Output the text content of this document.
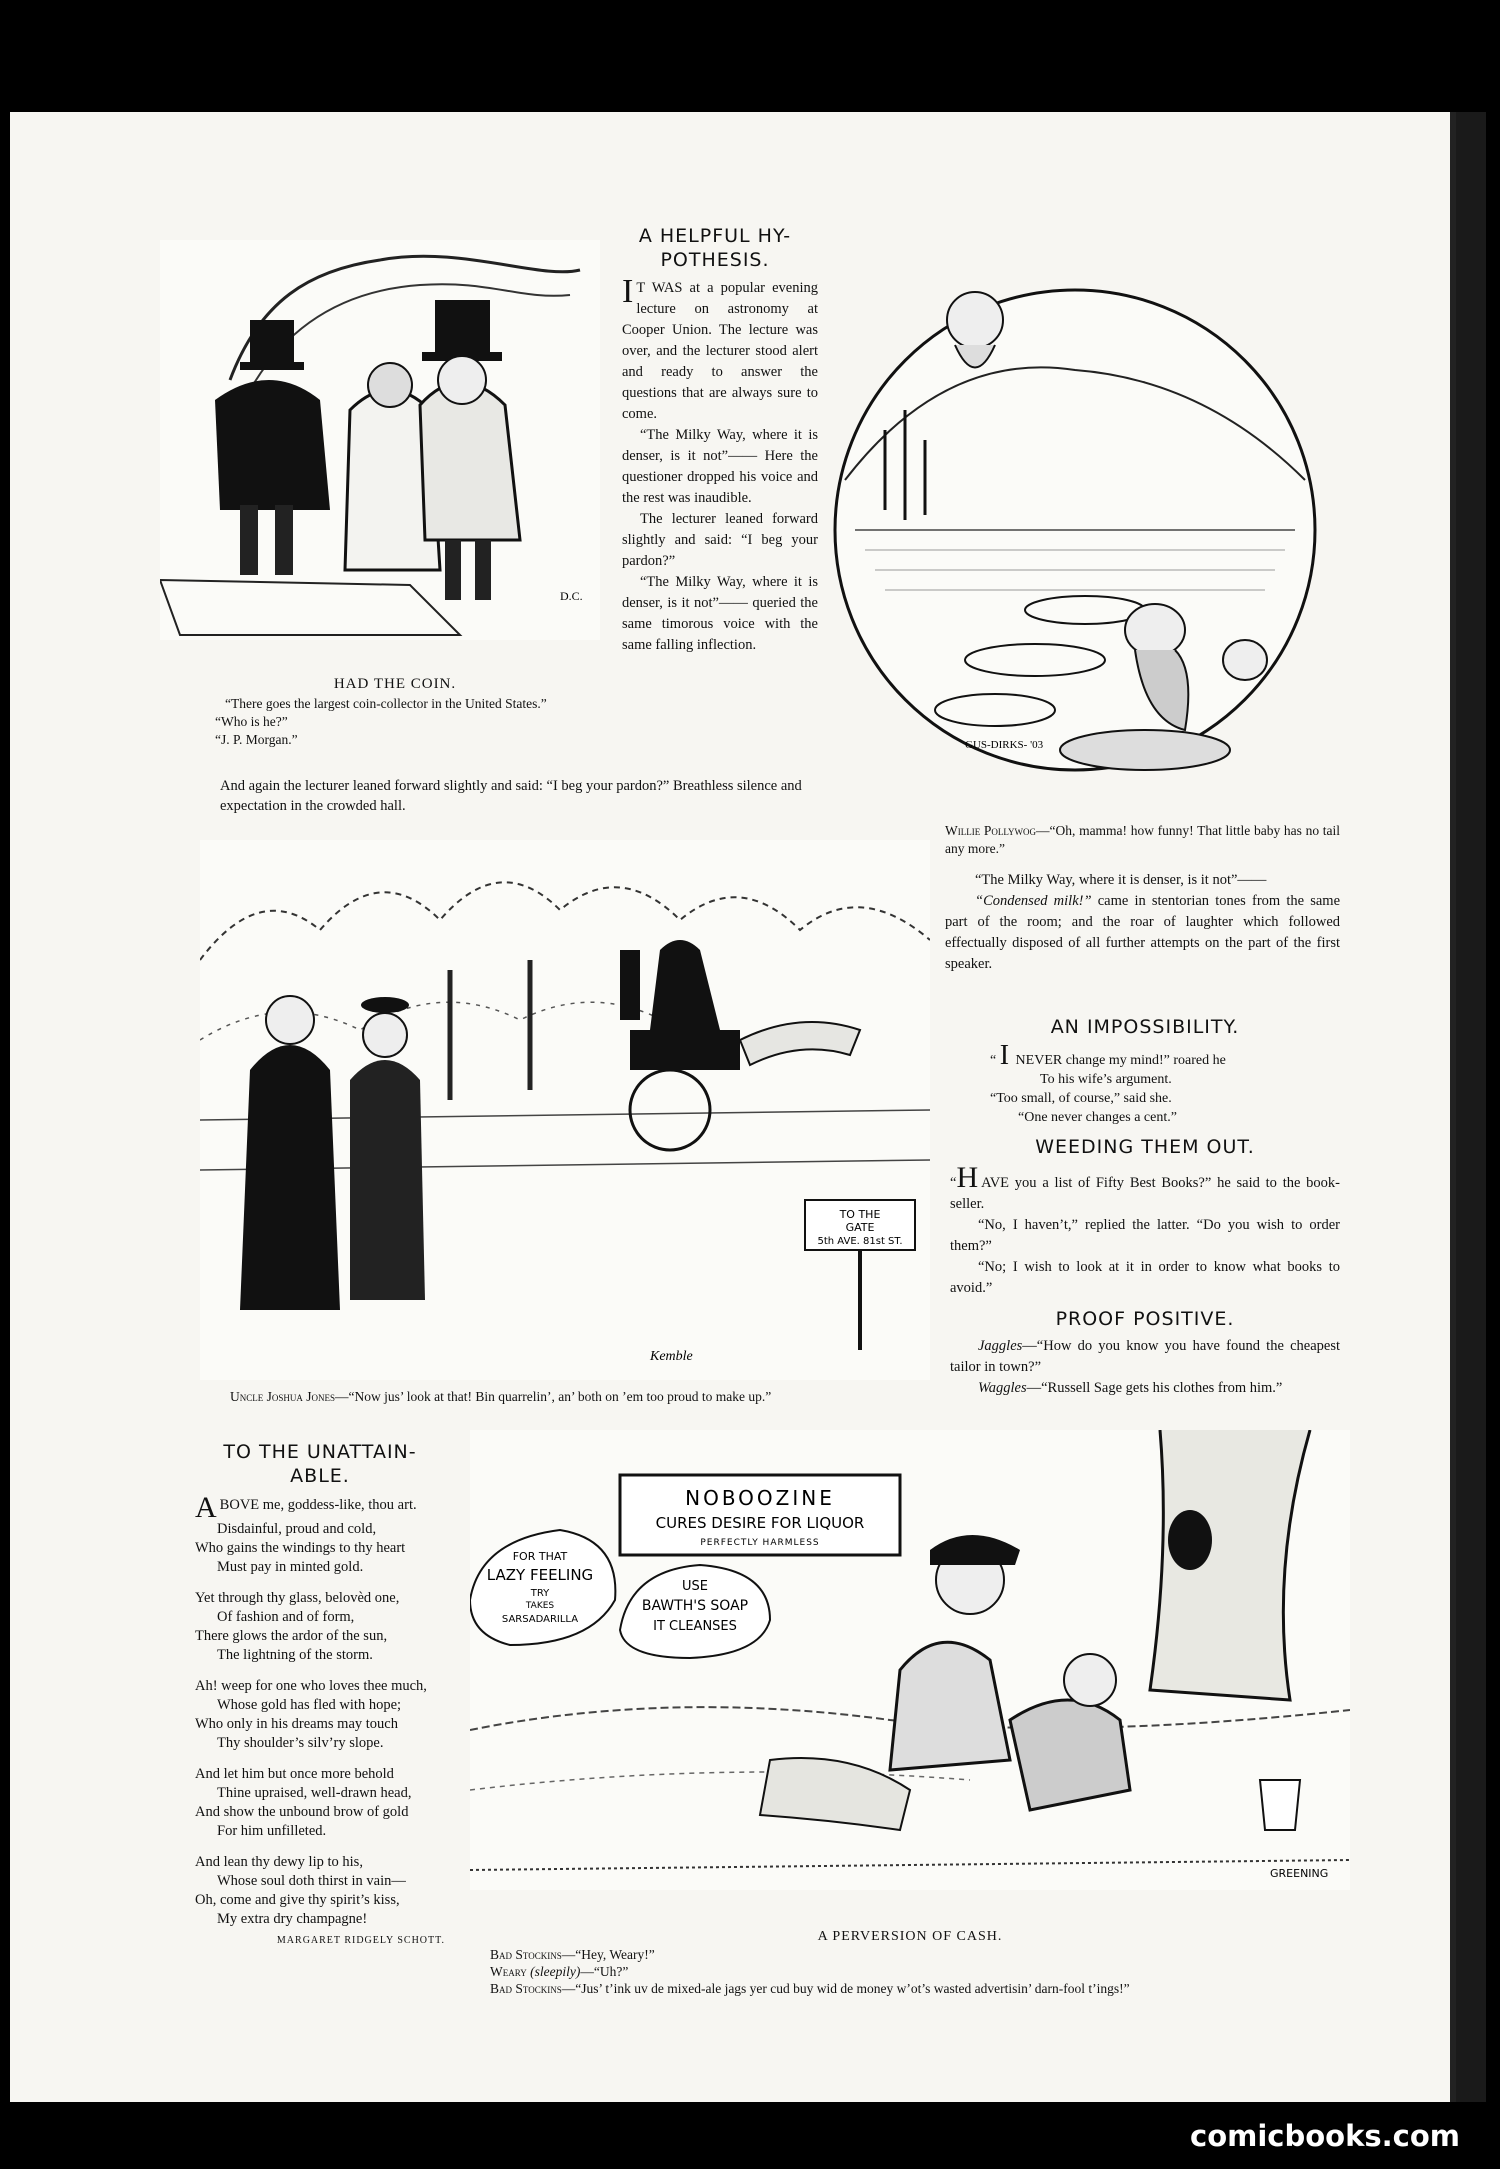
D.C.
HAD THE COIN.
“There goes the largest coin-collector in the United States.”
“Who is he?”
“J. P. Morgan.”
A HELPFUL HY-
POTHESIS.
I T WAS at a popular evening lecture on astronomy at Cooper Union. The lecture was over, and the lecturer stood alert and ready to answer the questions that are always sure to come.
“The Milky Way, where it is denser, is it not”—— Here the questioner dropped his voice and the rest was inaudible.
The lecturer leaned forward slightly and said: “I beg your pardon?”
“The Milky Way, where it is denser, is it not”—— queried the same timorous voice with the same falling inflection.
And again the lecturer leaned forward slightly and said: “I beg your pardon?” Breathless silence and expectation in the crowded hall.
GUS-DIRKS- '03
Willie Pollywog—“Oh, mamma! how funny! That little baby has no tail any more.”
“The Milky Way, where it is denser, is it not”——
“Condensed milk!” came in stentorian tones from the same part of the room; and the roar of laughter which followed effectually disposed of all further attempts on the part of the first speaker.
TO THE
GATE
5th AVE. 81st ST.
Kemble
Uncle Joshua Jones—“Now jus’ look at that! Bin quarrelin’, an’ both on ’em too proud to make up.”
AN IMPOSSIBILITY.
“ I NEVER change my mind!” roared he
To his wife’s argument.
“Too small, of course,” said she.
“One never changes a cent.”
WEEDING THEM OUT.
“H AVE you a list of Fifty Best Books?” he said to the book-seller.
“No, I haven’t,” replied the latter. “Do you wish to order them?”
“No; I wish to look at it in order to know what books to avoid.”
PROOF POSITIVE.
Jaggles—“How do you know you have found the cheapest tailor in town?”
Waggles—“Russell Sage gets his clothes from him.”
TO THE UNATTAIN-
ABLE.

ABOVE me, goddess-like, thou art.
Disdainful, proud and cold,
Who gains the windings to thy heart
Must pay in minted gold.

Yet through thy glass, belovèd one,
Of fashion and of form,
There glows the ardor of the sun,
The lightning of the storm.

Ah! weep for one who loves thee much,
Whose gold has fled with hope;
Who only in his dreams may touch
Thy shoulder’s silv’ry slope.

And let him but once more behold
Thine upraised, well-drawn head,
And show the unbound brow of gold
For him unfilleted.

And lean thy dewy lip to his,
Whose soul doth thirst in vain—
Oh, come and give thy spirit’s kiss,
My extra dry champagne!

MARGARET RIDGELY SCHOTT.
NOBOOZINE
CURES DESIRE FOR LIQUOR
PERFECTLY HARMLESS
FOR THAT
LAZY FEELING
TRY
TAKES
SARSADARILLA
USE
BAWTH'S SOAP
IT CLEANSES
GREENING
A PERVERSION OF CASH.
Bad Stockins—“Hey, Weary!”
Weary (sleepily)—“Uh?”
Bad Stockins—“Jus’ t’ink uv de mixed-ale jags yer cud buy wid de money w’ot’s wasted advertisin’ darn-fool t’ings!”
comicbooks.com
